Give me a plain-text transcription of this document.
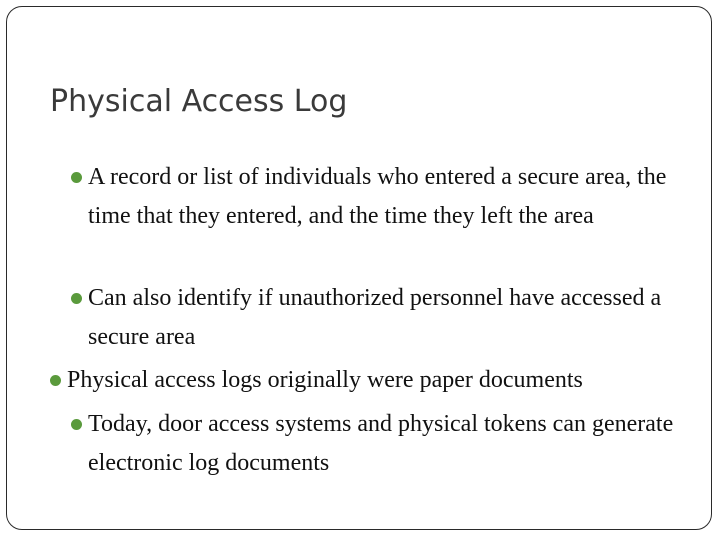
Physical Access Log
A record or list of individuals who entered a secure area, the time that they entered, and the time they left the area
Can also identify if unauthorized personnel have accessed a secure area
Physical access logs originally were paper documents
Today, door access systems and physical tokens can generate electronic log documents
